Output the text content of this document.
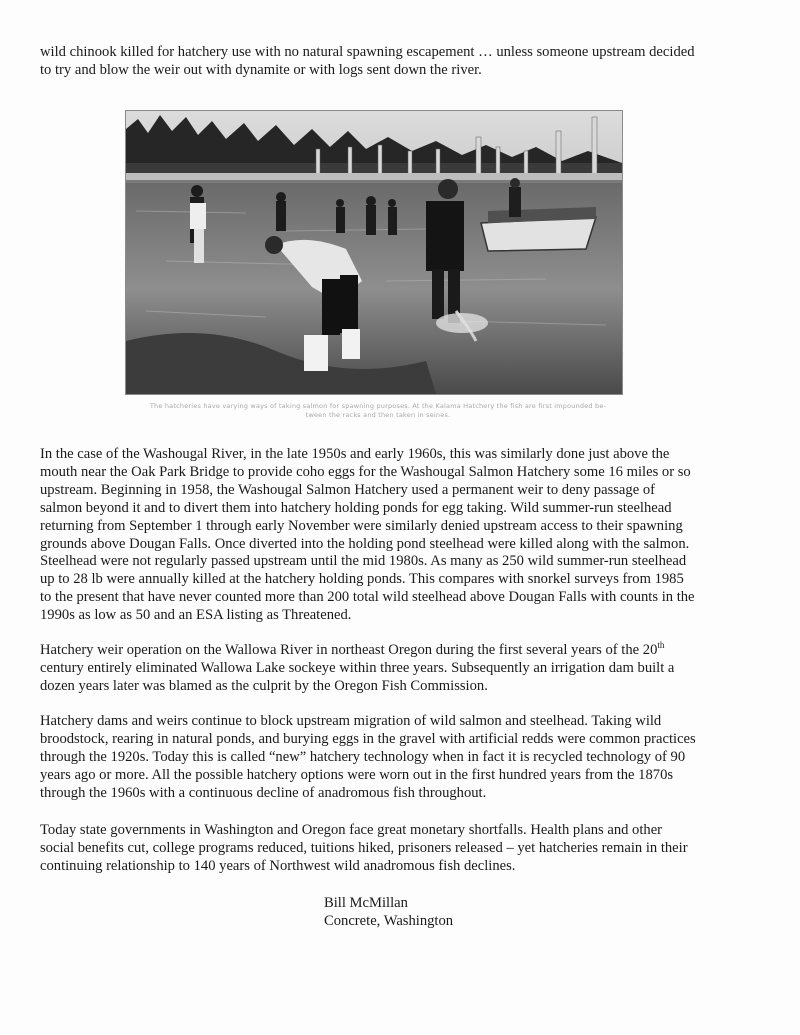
wild chinook killed for hatchery use with no natural spawning escapement … unless someone upstream decided
to try and blow the weir out with dynamite or with logs sent down the river.

The hatcheries have varying ways of taking salmon for spawning purposes. At the Kalama Hatchery the fish are first impounded be-
tween the racks and then taken in seines.

In the case of the Washougal River, in the late 1950s and early 1960s, this was similarly done just above the
mouth near the Oak Park Bridge to provide coho eggs for the Washougal Salmon Hatchery some 16 miles or so
upstream. Beginning in 1958, the Washougal Salmon Hatchery used a permanent weir to deny passage of
salmon beyond it and to divert them into hatchery holding ponds for egg taking. Wild summer-run steelhead
returning from September 1 through early November were similarly denied upstream access to their spawning
grounds above Dougan Falls. Once diverted into the holding pond steelhead were killed along with the salmon.
Steelhead were not regularly passed upstream until the mid 1980s. As many as 250 wild summer-run steelhead
up to 28 lb were annually killed at the hatchery holding ponds. This compares with snorkel surveys from 1985
to the present that have never counted more than 200 total wild steelhead above Dougan Falls with counts in the
1990s as low as 50 and an ESA listing as Threatened.

Hatchery weir operation on the Wallowa River in northeast Oregon during the first several years of the 20th
century entirely eliminated Wallowa Lake sockeye within three years. Subsequently an irrigation dam built a
dozen years later was blamed as the culprit by the Oregon Fish Commission.

Hatchery dams and weirs continue to block upstream migration of wild salmon and steelhead. Taking wild
broodstock, rearing in natural ponds, and burying eggs in the gravel with artificial redds were common practices
through the 1920s. Today this is called “new” hatchery technology when in fact it is recycled technology of 90
years ago or more. All the possible hatchery options were worn out in the first hundred years from the 1870s
through the 1960s with a continuous decline of anadromous fish throughout.

Today state governments in Washington and Oregon face great monetary shortfalls. Health plans and other
social benefits cut, college programs reduced, tuitions hiked, prisoners released – yet hatcheries remain in their
continuing relationship to 140 years of Northwest wild anadromous fish declines.

Bill McMillan
Concrete, Washington
